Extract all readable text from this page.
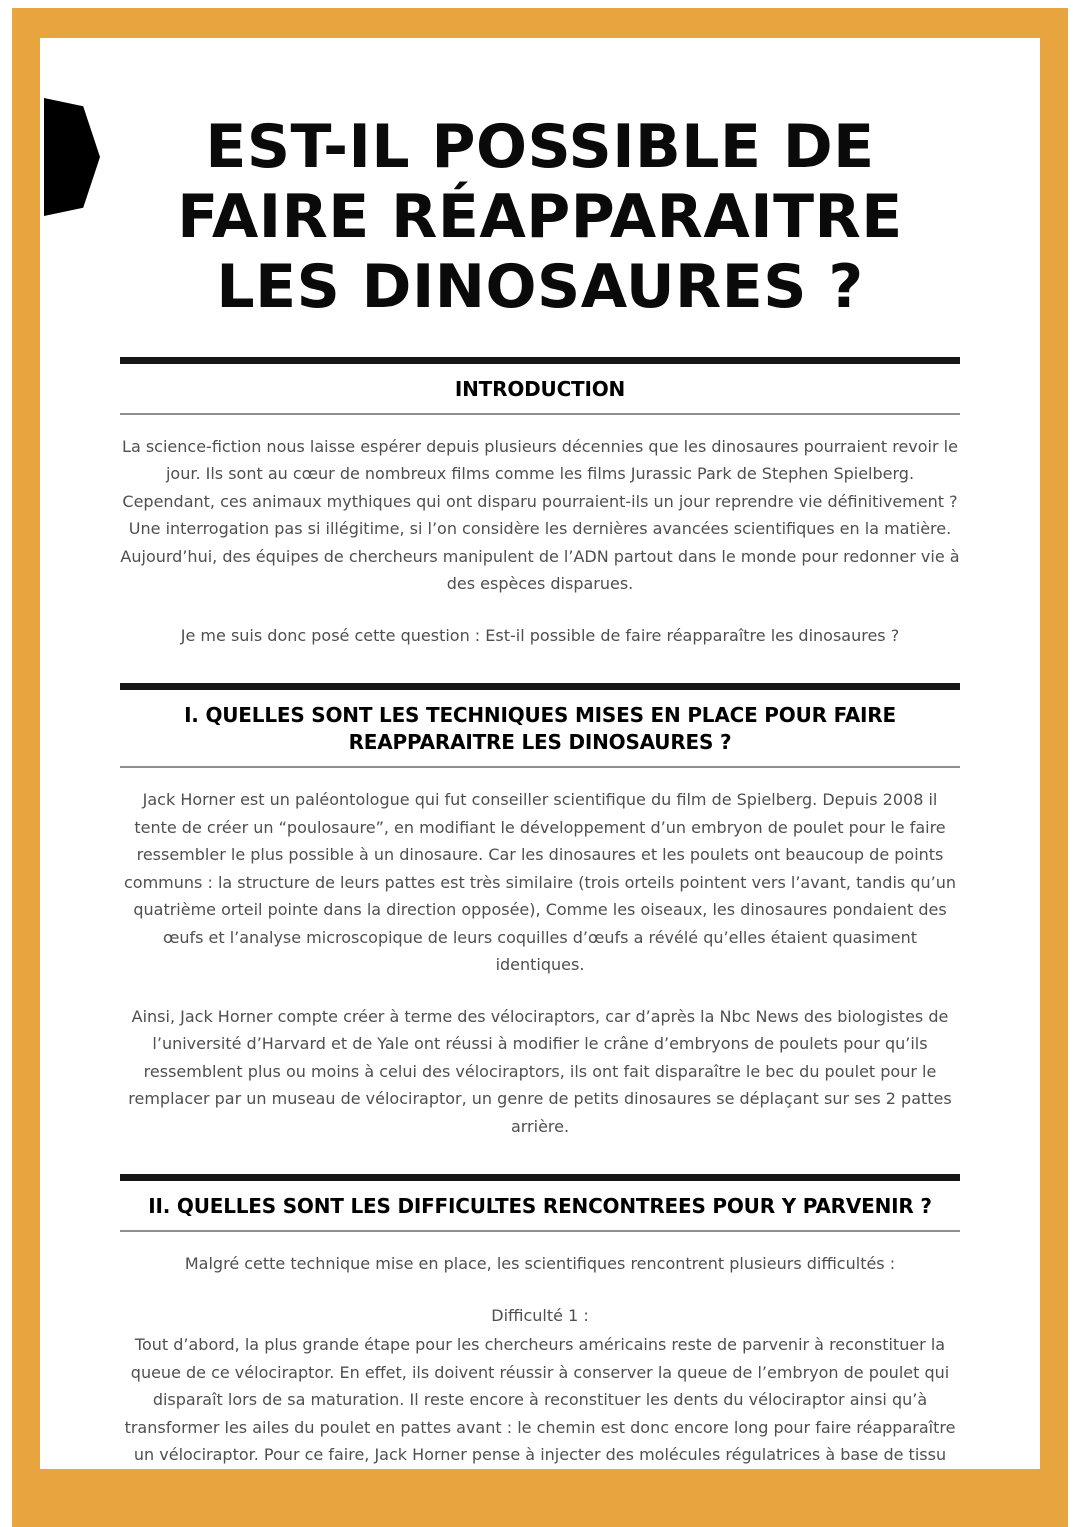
EST-IL POSSIBLE DE
FAIRE RÉAPPARAITRE
LES DINOSAURES ?
INTRODUCTION

La science-fiction nous laisse espérer depuis plusieurs décennies que les dinosaures pourraient revoir le jour. Ils sont au cœur de nombreux films comme les films Jurassic Park de Stephen Spielberg. Cependant, ces animaux mythiques qui ont disparu pourraient-ils un jour reprendre vie définitivement ? Une interrogation pas si illégitime, si l’on considère les dernières avancées scientifiques en la matière. Aujourd’hui, des équipes de chercheurs manipulent de l’ADN partout dans le monde pour redonner vie à des espèces disparues.

Je me suis donc posé cette question : Est-il possible de faire réapparaître les dinosaures ?

I. QUELLES SONT LES TECHNIQUES MISES EN PLACE POUR FAIRE REAPPARAITRE LES DINOSAURES ?

Jack Horner est un paléontologue qui fut conseiller scientifique du film de Spielberg. Depuis 2008 il tente de créer un “poulosaure”, en modifiant le développement d’un embryon de poulet pour le faire ressembler le plus possible à un dinosaure. Car les dinosaures et les poulets ont beaucoup de points communs : la structure de leurs pattes est très similaire (trois orteils pointent vers l’avant, tandis qu’un quatrième orteil pointe dans la direction opposée), Comme les oiseaux, les dinosaures pondaient des œufs et l’analyse microscopique de leurs coquilles d’œufs a révélé qu’elles étaient quasiment identiques.

Ainsi, Jack Horner compte créer à terme des vélociraptors, car d’après la Nbc News des biologistes de l’université d’Harvard et de Yale ont réussi à modifier le crâne d’embryons de poulets pour qu’ils ressemblent plus ou moins à celui des vélociraptors, ils ont fait disparaître le bec du poulet pour le remplacer par un museau de vélociraptor, un genre de petits dinosaures se déplaçant sur ses 2 pattes arrière.

II. QUELLES SONT LES DIFFICULTES RENCONTREES POUR Y PARVENIR ?

Malgré cette technique mise en place, les scientifiques rencontrent plusieurs difficultés :

Difficulté 1 :

Tout d’abord, la plus grande étape pour les chercheurs américains reste de parvenir à reconstituer la queue de ce vélociraptor. En effet, ils doivent réussir à conserver la queue de l’embryon de poulet qui disparaît lors de sa maturation. Il reste encore à reconstituer les dents du vélociraptor ainsi qu’à transformer les ailes du poulet en pattes avant : le chemin est donc encore long pour faire réapparaître un vélociraptor. Pour ce faire, Jack Horner pense à injecter des molécules régulatrices à base de tissu
